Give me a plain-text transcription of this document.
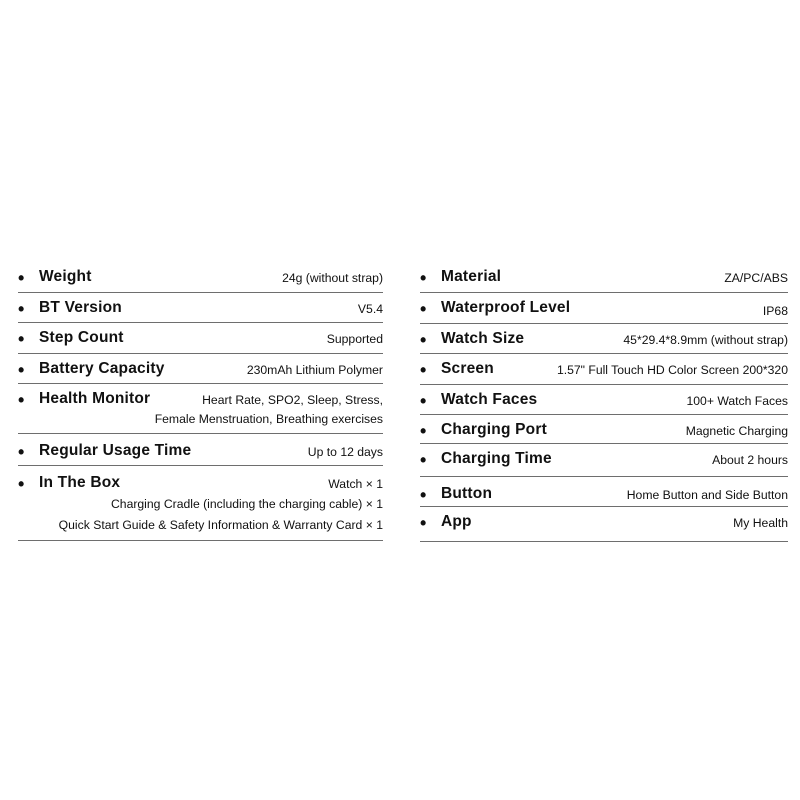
• Weight	24g (without strap)
• BT Version	V5.4
• Step Count	Supported
• Battery Capacity	230mAh Lithium Polymer
• Health Monitor	Heart Rate, SPO2, Sleep, Stress,
Female Menstruation, Breathing exercises
• Regular Usage Time	Up to 12 days
• In The Box	Watch × 1
Charging Cradle (including the charging cable) × 1
Quick Start Guide & Safety Information & Warranty Card × 1
• Material	ZA/PC/ABS
• Waterproof Level	IP68
• Watch Size	45*29.4*8.9mm (without strap)
• Screen	1.57" Full Touch HD Color Screen 200*320
• Watch Faces	100+ Watch Faces
• Charging Port	Magnetic Charging
• Charging Time	About 2 hours
• Button	Home Button and Side Button
• App	My Health
